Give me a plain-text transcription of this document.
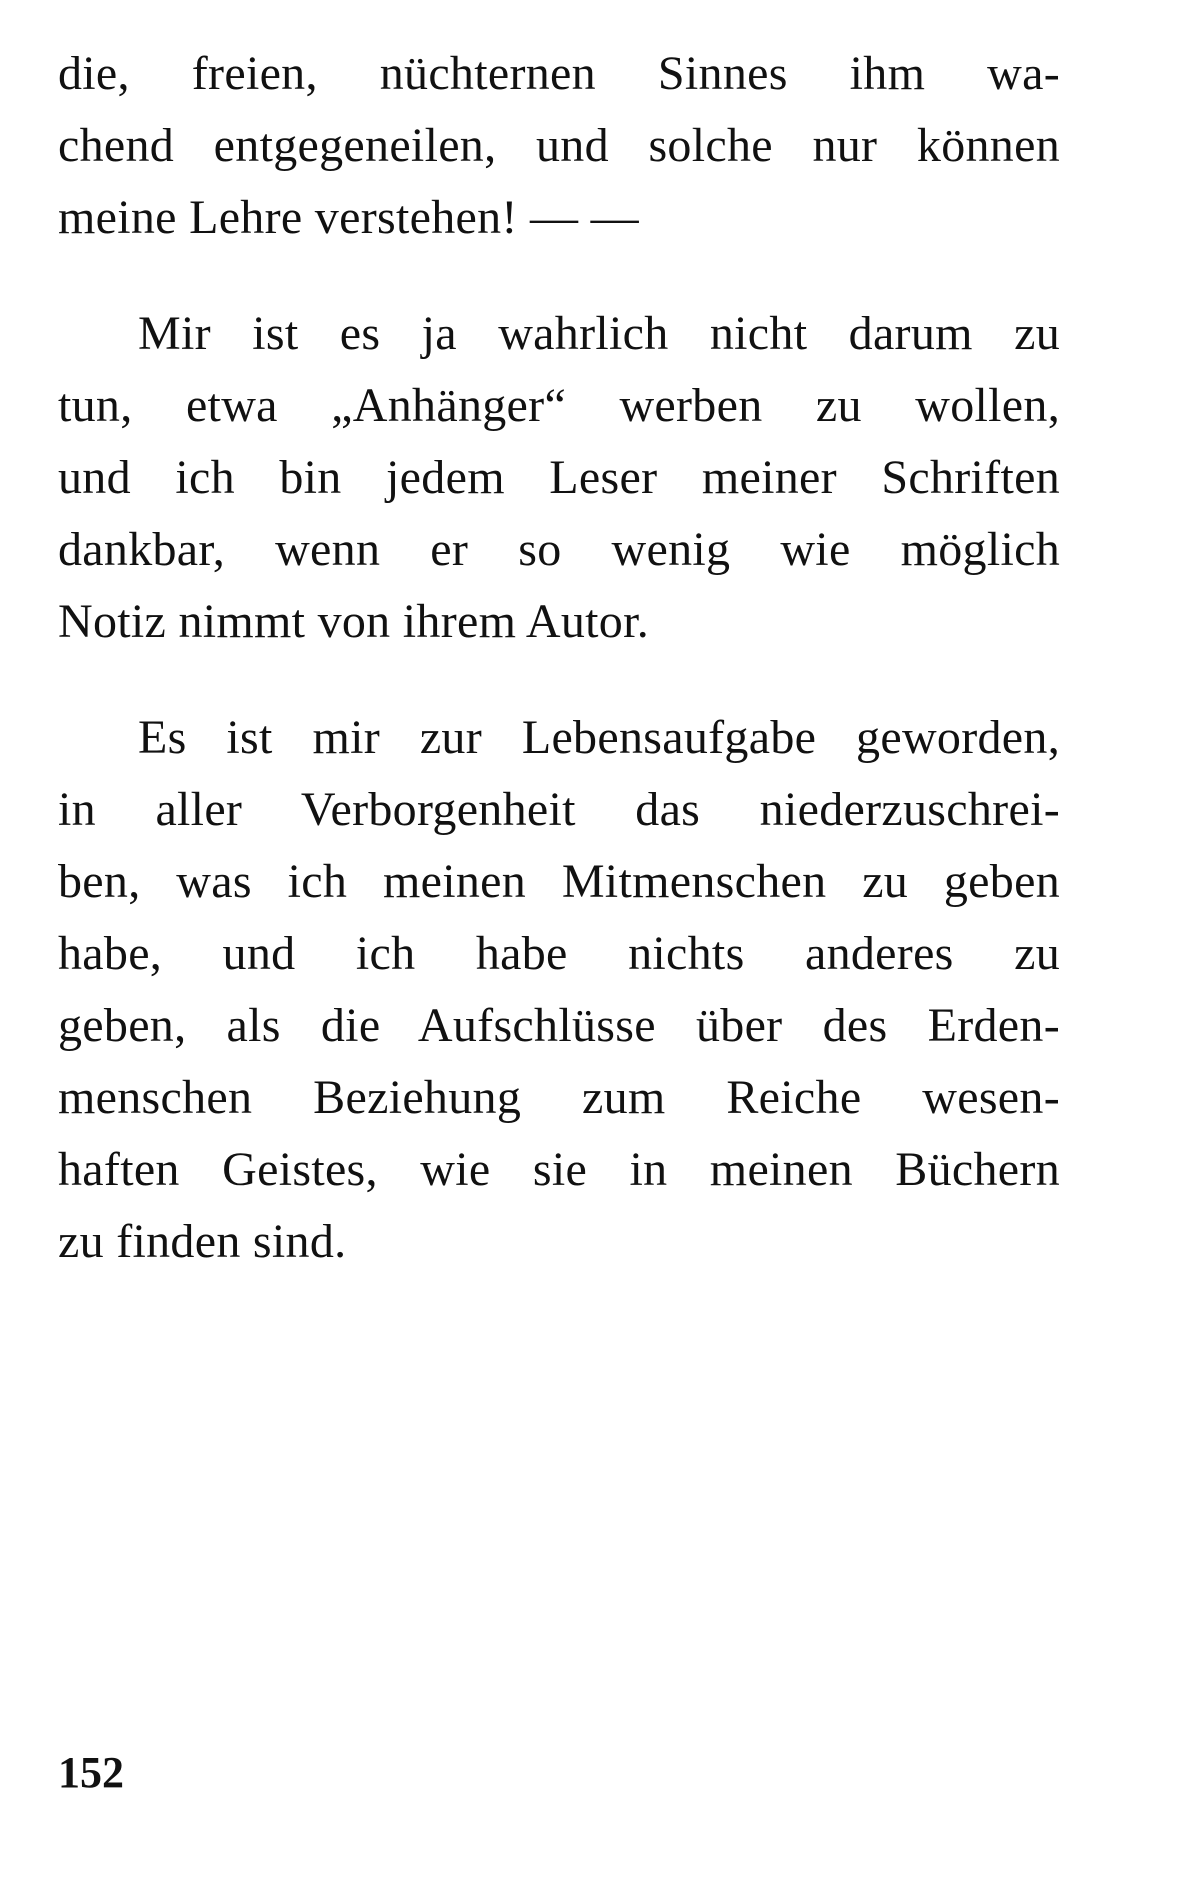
die, freien, nüchternen Sinnes ihm wa-
chend entgegeneilen, und solche nur können
meine Lehre verstehen! — —
Mir ist es ja wahrlich nicht darum zu
tun, etwa „Anhänger“ werben zu wollen,
und ich bin jedem Leser meiner Schriften
dankbar, wenn er so wenig wie möglich
Notiz nimmt von ihrem Autor.
Es ist mir zur Lebensaufgabe geworden,
in aller Verborgenheit das niederzuschrei-
ben, was ich meinen Mitmenschen zu geben
habe, und ich habe nichts anderes zu
geben, als die Aufschlüsse über des Erden-
menschen Beziehung zum Reiche wesen-
haften Geistes, wie sie in meinen Büchern
zu finden sind.
152
